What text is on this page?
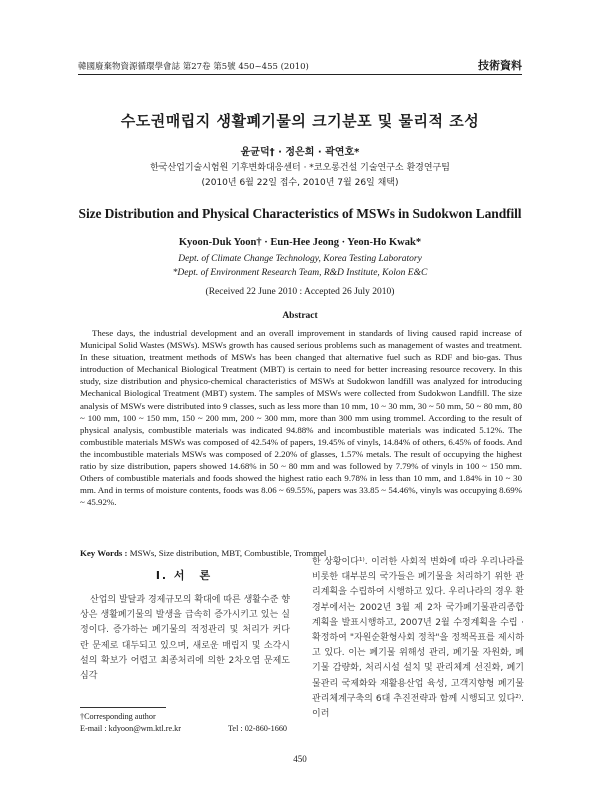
韓國廢棄物資源循環學會誌 第27卷 第5號 450~455 (2010)	技術資料
수도권매립지 생활폐기물의 크기분포 및 물리적 조성
윤균덕† · 정은희 · 곽연호*
한국산업기술시험원 기후변화대응센터 · *코오롱건설 기술연구소 환경연구팀
(2010년 6월 22일 접수, 2010년 7월 26일 채택)
Size Distribution and Physical Characteristics of MSWs in Sudokwon Landfill
Kyoon-Duk Yoon† · Eun-Hee Jeong · Yeon-Ho Kwak*
Dept. of Climate Change Technology, Korea Testing Laboratory
*Dept. of Environment Research Team, R&D Institute, Kolon E&C
(Received 22 June 2010 : Accepted 26 July 2010)
Abstract

These days, the industrial development and an overall improvement in standards of living caused rapid increase of Municipal Solid Wastes (MSWs). MSWs growth has caused serious problems such as management of wastes and treatment. In these situation, treatment methods of MSWs has been changed that alternative fuel such as RDF and bio-gas. Thus introduction of Mechanical Biological Treatment (MBT) is certain to need for better increasing resource recovery. In this study, size distribution and physico-chemical characteristics of MSWs at Sudokwon landfill was analyzed for introducing Mechanical Biological Treatment (MBT) system. The samples of MSWs were collected from Sudokwon Landfill. The size analysis of MSWs were distributed into 9 classes, such as less more than 10 mm, 10 ~ 30 mm, 30 ~ 50 mm, 50 ~ 80 mm, 80 ~ 100 mm, 100 ~ 150 mm, 150 ~ 200 mm, 200 ~ 300 mm, more than 300 mm using trommel. According to the result of physical analysis, combustible materials was indicated 94.88% and incombustible materials was indicated 5.12%. The combustible materials MSWs was composed of 42.54% of papers, 19.45% of vinyls, 14.84% of others, 6.45% of foods. And the incombustible materials MSWs was composed of 2.20% of glasses, 1.57% metals. The result of occupying the highest ratio by size distribution, papers showed 14.68% in 50 ~ 80 mm and was followed by 7.79% of vinyls in 100 ~ 150 mm. Others of combustible materials and foods showed the highest ratio each 9.78% in less than 10 mm, and 1.84% in 10 ~ 30 mm. And in terms of moisture contents, foods was 8.06 ~ 69.55%, papers was 33.85 ~ 54.46%, vinyls was occupying 8.69% ~ 45.92%.

Key Words : MSWs, Size distribution, MBT, Combustible, Trommel
I. 서　론

산업의 발달과 경제규모의 확대에 따른 생활수준 향상은 생활폐기물의 발생을 급속히 증가시키고 있는 실정이다. 증가하는 폐기물의 적정관리 및 처리가 커다란 문제로 대두되고 있으며, 새로운 매립지 및 소각시설의 확보가 어렵고 최종처리에 의한 2차오염 문제도 심각

한 상황이다¹⁾. 이러한 사회적 변화에 따라 우리나라를 비롯한 대부분의 국가들은 폐기물을 처리하기 위한 관리계획을 수립하여 시행하고 있다. 우리나라의 경우 환경부에서는 2002년 3월 제 2차 국가폐기물관리종합계획을 발표시행하고, 2007년 2월 수정계획을 수립 · 확정하여 "자원순환형사회 정착"을 정책목표를 제시하고 있다. 이는 폐기물 위해성 관리, 폐기물 자원화, 폐기물 감량화, 처리시설 설치 및 관리체계 선진화, 폐기물관리 국제화와 재활용산업 육성, 고객지향형 폐기물 관리체계구축의 6대 추진전략과 함께 시행되고 있다²⁾. 이러

†Corresponding author
E-mail : kdyoon@wm.ktl.re.kr	Tel : 02-860-1660
450
